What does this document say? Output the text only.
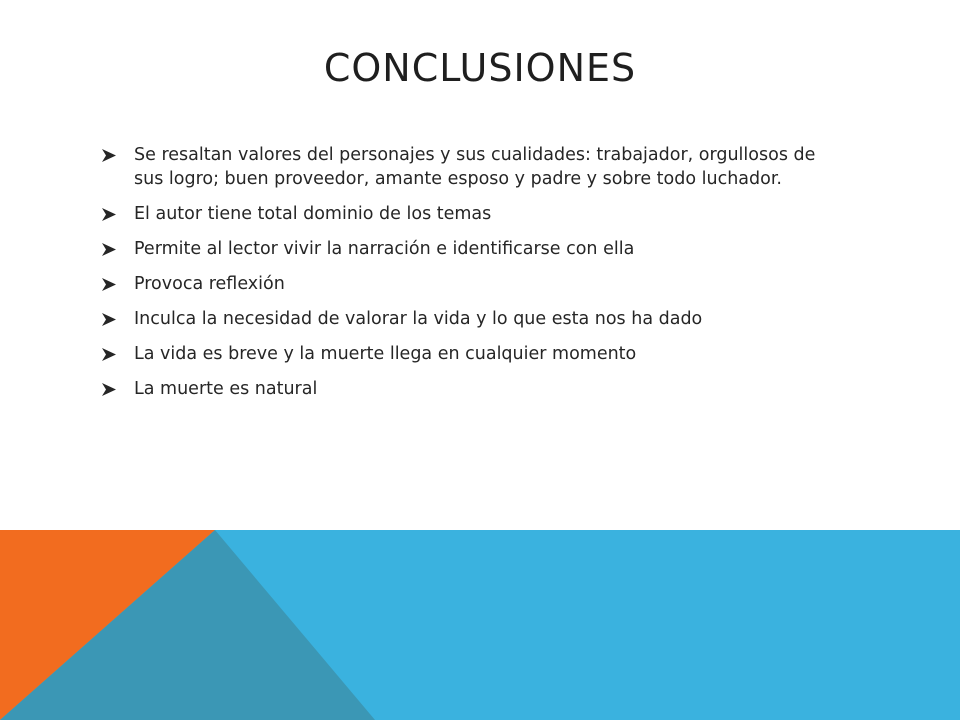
CONCLUSIONES
Se resaltan valores del personajes y sus cualidades: trabajador, orgullosos de sus logro; buen proveedor, amante esposo y padre y sobre todo luchador.
El autor tiene total dominio de los temas
Permite al lector vivir la narración e identificarse con ella
Provoca reflexión
Inculca la necesidad de valorar la vida y lo que esta nos ha dado
La vida es breve y la muerte llega en cualquier momento
La muerte es natural
